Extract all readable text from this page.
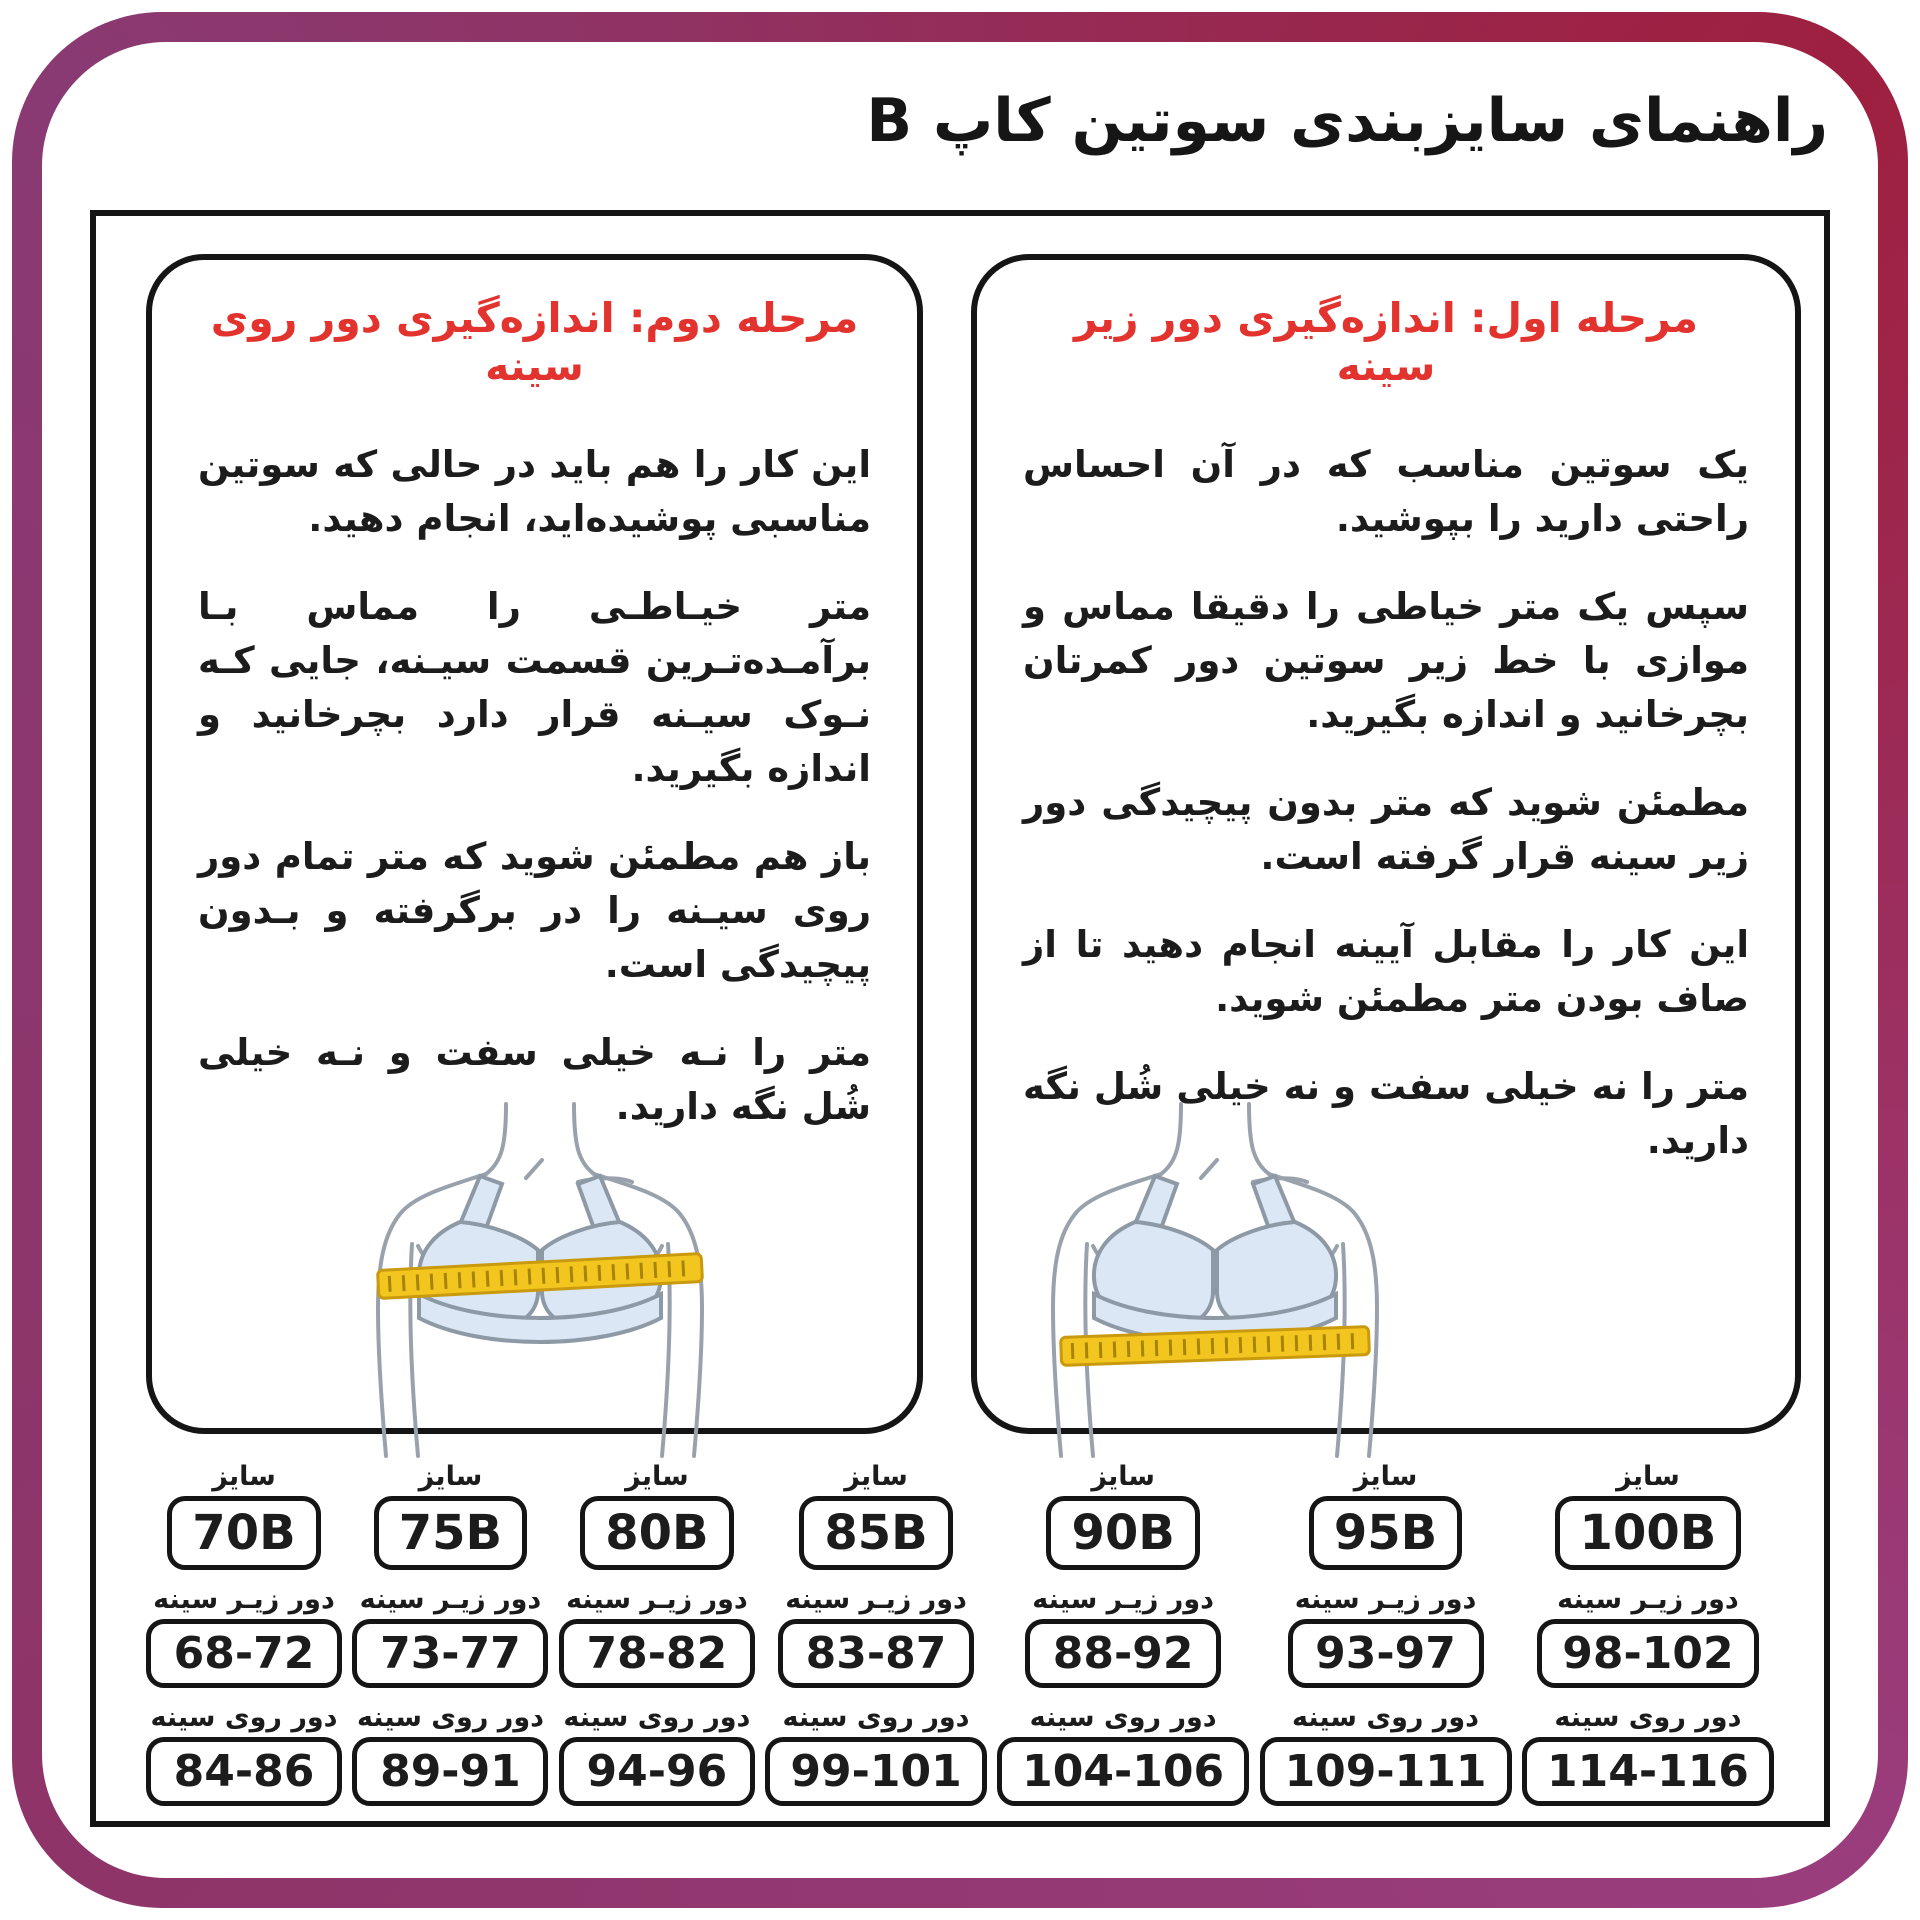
راهنمای سایزبندی سوتین کاپ B
مرحله دوم: اندازه‌گیری دور روی سینه

این کار را هم باید در حالی که سوتین مناسبی پوشیده‌اید، انجام دهید.

متر خیـاطـی را مماس بـا برآمـده‌تـرین قسمت سیـنه، جایی کـه نـوک سیـنه قرار دارد بچرخانید و اندازه بگیرید.

باز هم مطمئن شوید که متر تمام دور روی سیـنه را در برگرفته و بـدون پیچیدگی است.

متر را نـه خیلی سفت و نـه خیلی شُل نگه دارید.

مرحله اول: اندازه‌گیری دور زیر سینه

یک سوتین مناسب که در آن احساس راحتی دارید را بپوشید.

سپس یک متر خیاطی را دقیقا مماس و موازی با خط زیر سوتین دور کمرتان بچرخانید و اندازه بگیرید.

مطمئن شوید که متر بدون پیچیدگی دور زیر سینه قرار گرفته است.

این کار را مقابل آیینه انجام دهید تا از صاف بودن متر مطمئن شوید.

متر را نه خیلی سفت و نه خیلی شُل نگه دارید.

سایز
70B
دور زیـر سینه
68-72
دور روی سینه
84-86
سایز
75B
دور زیـر سینه
73-77
دور روی سینه
89-91
سایز
80B
دور زیـر سینه
78-82
دور روی سینه
94-96
سایز
85B
دور زیـر سینه
83-87
دور روی سینه
99-101
سایز
90B
دور زیـر سینه
88-92
دور روی سینه
104-106
سایز
95B
دور زیـر سینه
93-97
دور روی سینه
109-111
سایز
100B
دور زیـر سینه
98-102
دور روی سینه
114-116
